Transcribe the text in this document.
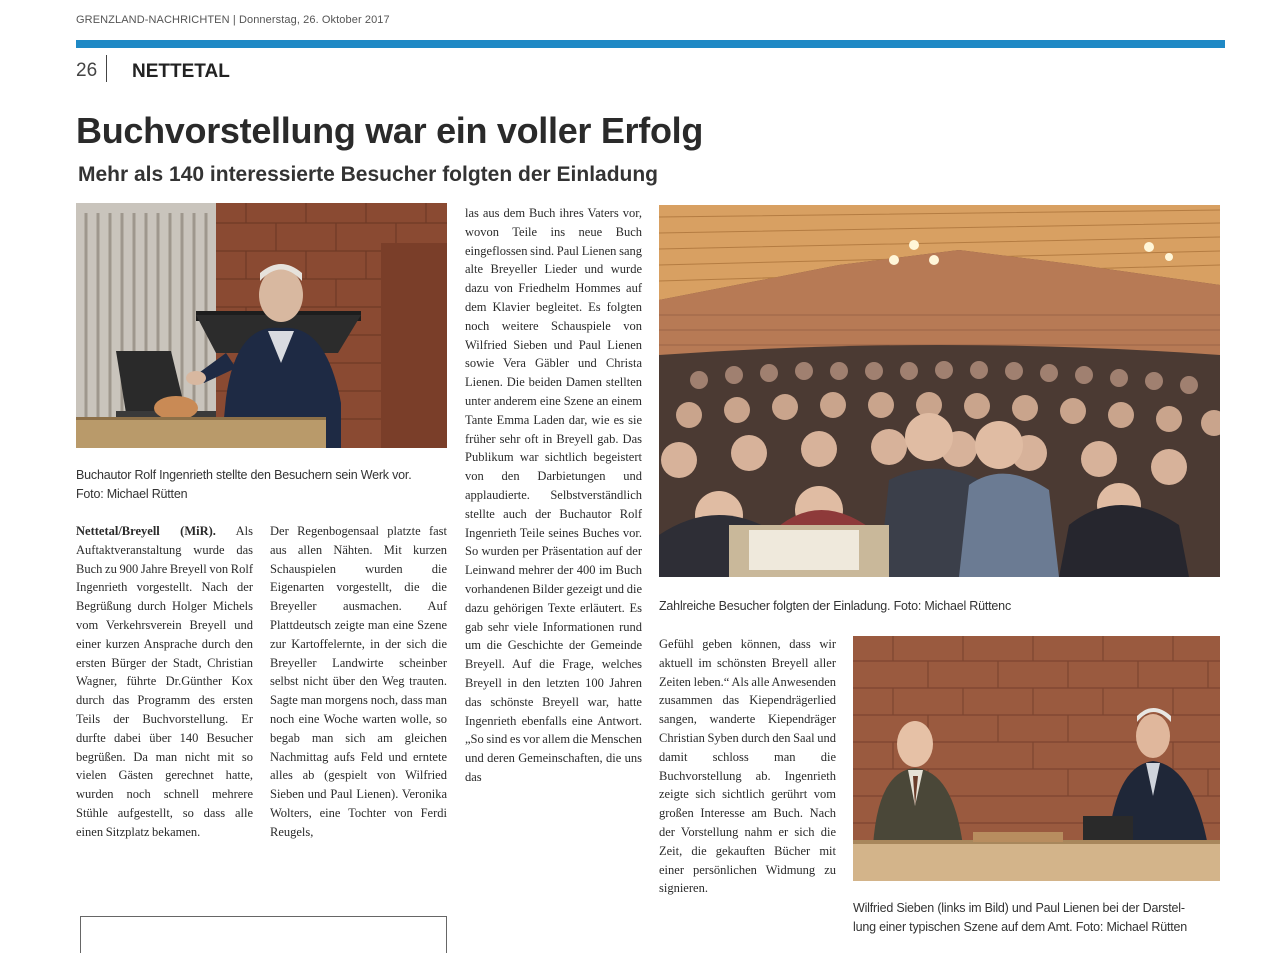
GRENZLAND-NACHRICHTEN | Donnerstag, 26. Oktober 2017
26 NETTETAL
Buchvorstellung war ein voller Erfolg
Mehr als 140 interessierte Besucher folgten der Einladung
Buchautor Rolf Ingenrieth stellte den Besuchern sein Werk vor.
Foto: Michael Rütten
Zahlreiche Besucher folgten der Einladung. Foto: Michael Rüttenc
Wilfried Sieben (links im Bild) und Paul Lienen bei der Darstel-
lung einer typischen Szene auf dem Amt. Foto: Michael Rütten
Nettetal/Breyell (MiR). Als Auftaktveranstaltung wurde das Buch zu 900 Jahre Breyell von Rolf Ingenrieth vorgestellt. Nach der Begrüßung durch Holger Michels vom Verkehrsverein Breyell und einer kurzen Ansprache durch den ersten Bürger der Stadt, Christian Wagner, führte Dr.Günther Kox durch das Programm des ersten Teils der Buchvorstellung. Er durfte dabei über 140 Besucher begrüßen. Da man nicht mit so vielen Gästen gerechnet hatte, wurden noch schnell mehrere Stühle aufgestellt, so dass alle einen Sitzplatz bekamen.
Der Regenbogensaal platzte fast aus allen Nähten. Mit kurzen Schauspielen wurden die Eigenarten vorgestellt, die die Breyeller ausmachen. Auf Plattdeutsch zeigte man eine Szene zur Kartoffelernte, in der sich die Breyeller Landwirte scheinber selbst nicht über den Weg trauten. Sagte man morgens noch, dass man noch eine Woche warten wolle, so begab man sich am gleichen Nachmittag aufs Feld und erntete alles ab (gespielt von Wilfried Sieben und Paul Lienen). Veronika Wolters, eine Tochter von Ferdi Reugels,
las aus dem Buch ihres Vaters vor, wovon Teile ins neue Buch eingeflossen sind. Paul Lienen sang alte Breyeller Lieder und wurde dazu von Friedhelm Hommes auf dem Klavier begleitet. Es folgten noch weitere Schauspiele von Wilfried Sieben und Paul Lienen sowie Vera Gäbler und Christa Lienen. Die beiden Damen stellten unter anderem eine Szene an einem Tante Emma Laden dar, wie es sie früher sehr oft in Breyell gab. Das Publikum war sichtlich begeistert von den Darbietungen und applaudierte. Selbstverständlich stellte auch der Buchautor Rolf Ingenrieth Teile seines Buches vor. So wurden per Präsentation auf der Leinwand mehrer der 400 im Buch vorhandenen Bilder gezeigt und die dazu gehörigen Texte erläutert. Es gab sehr viele Informationen rund um die Geschichte der Gemeinde Breyell. Auf die Frage, welches Breyell in den letzten 100 Jahren das schönste Breyell war, hatte Ingenrieth ebenfalls eine Antwort. „So sind es vor allem die Menschen und deren Gemeinschaften, die uns das
Gefühl geben können, dass wir aktuell im schönsten Breyell aller Zeiten leben.“ Als alle Anwesenden zusammen das Kiependrägerlied sangen, wanderte Kiependräger Christian Syben durch den Saal und damit schloss man die Buchvorstellung ab. Ingenrieth zeigte sich sichtlich gerührt vom großen Interesse am Buch. Nach der Vorstellung nahm er sich die Zeit, die gekauften Bücher mit einer persönlichen Widmung zu signieren.
